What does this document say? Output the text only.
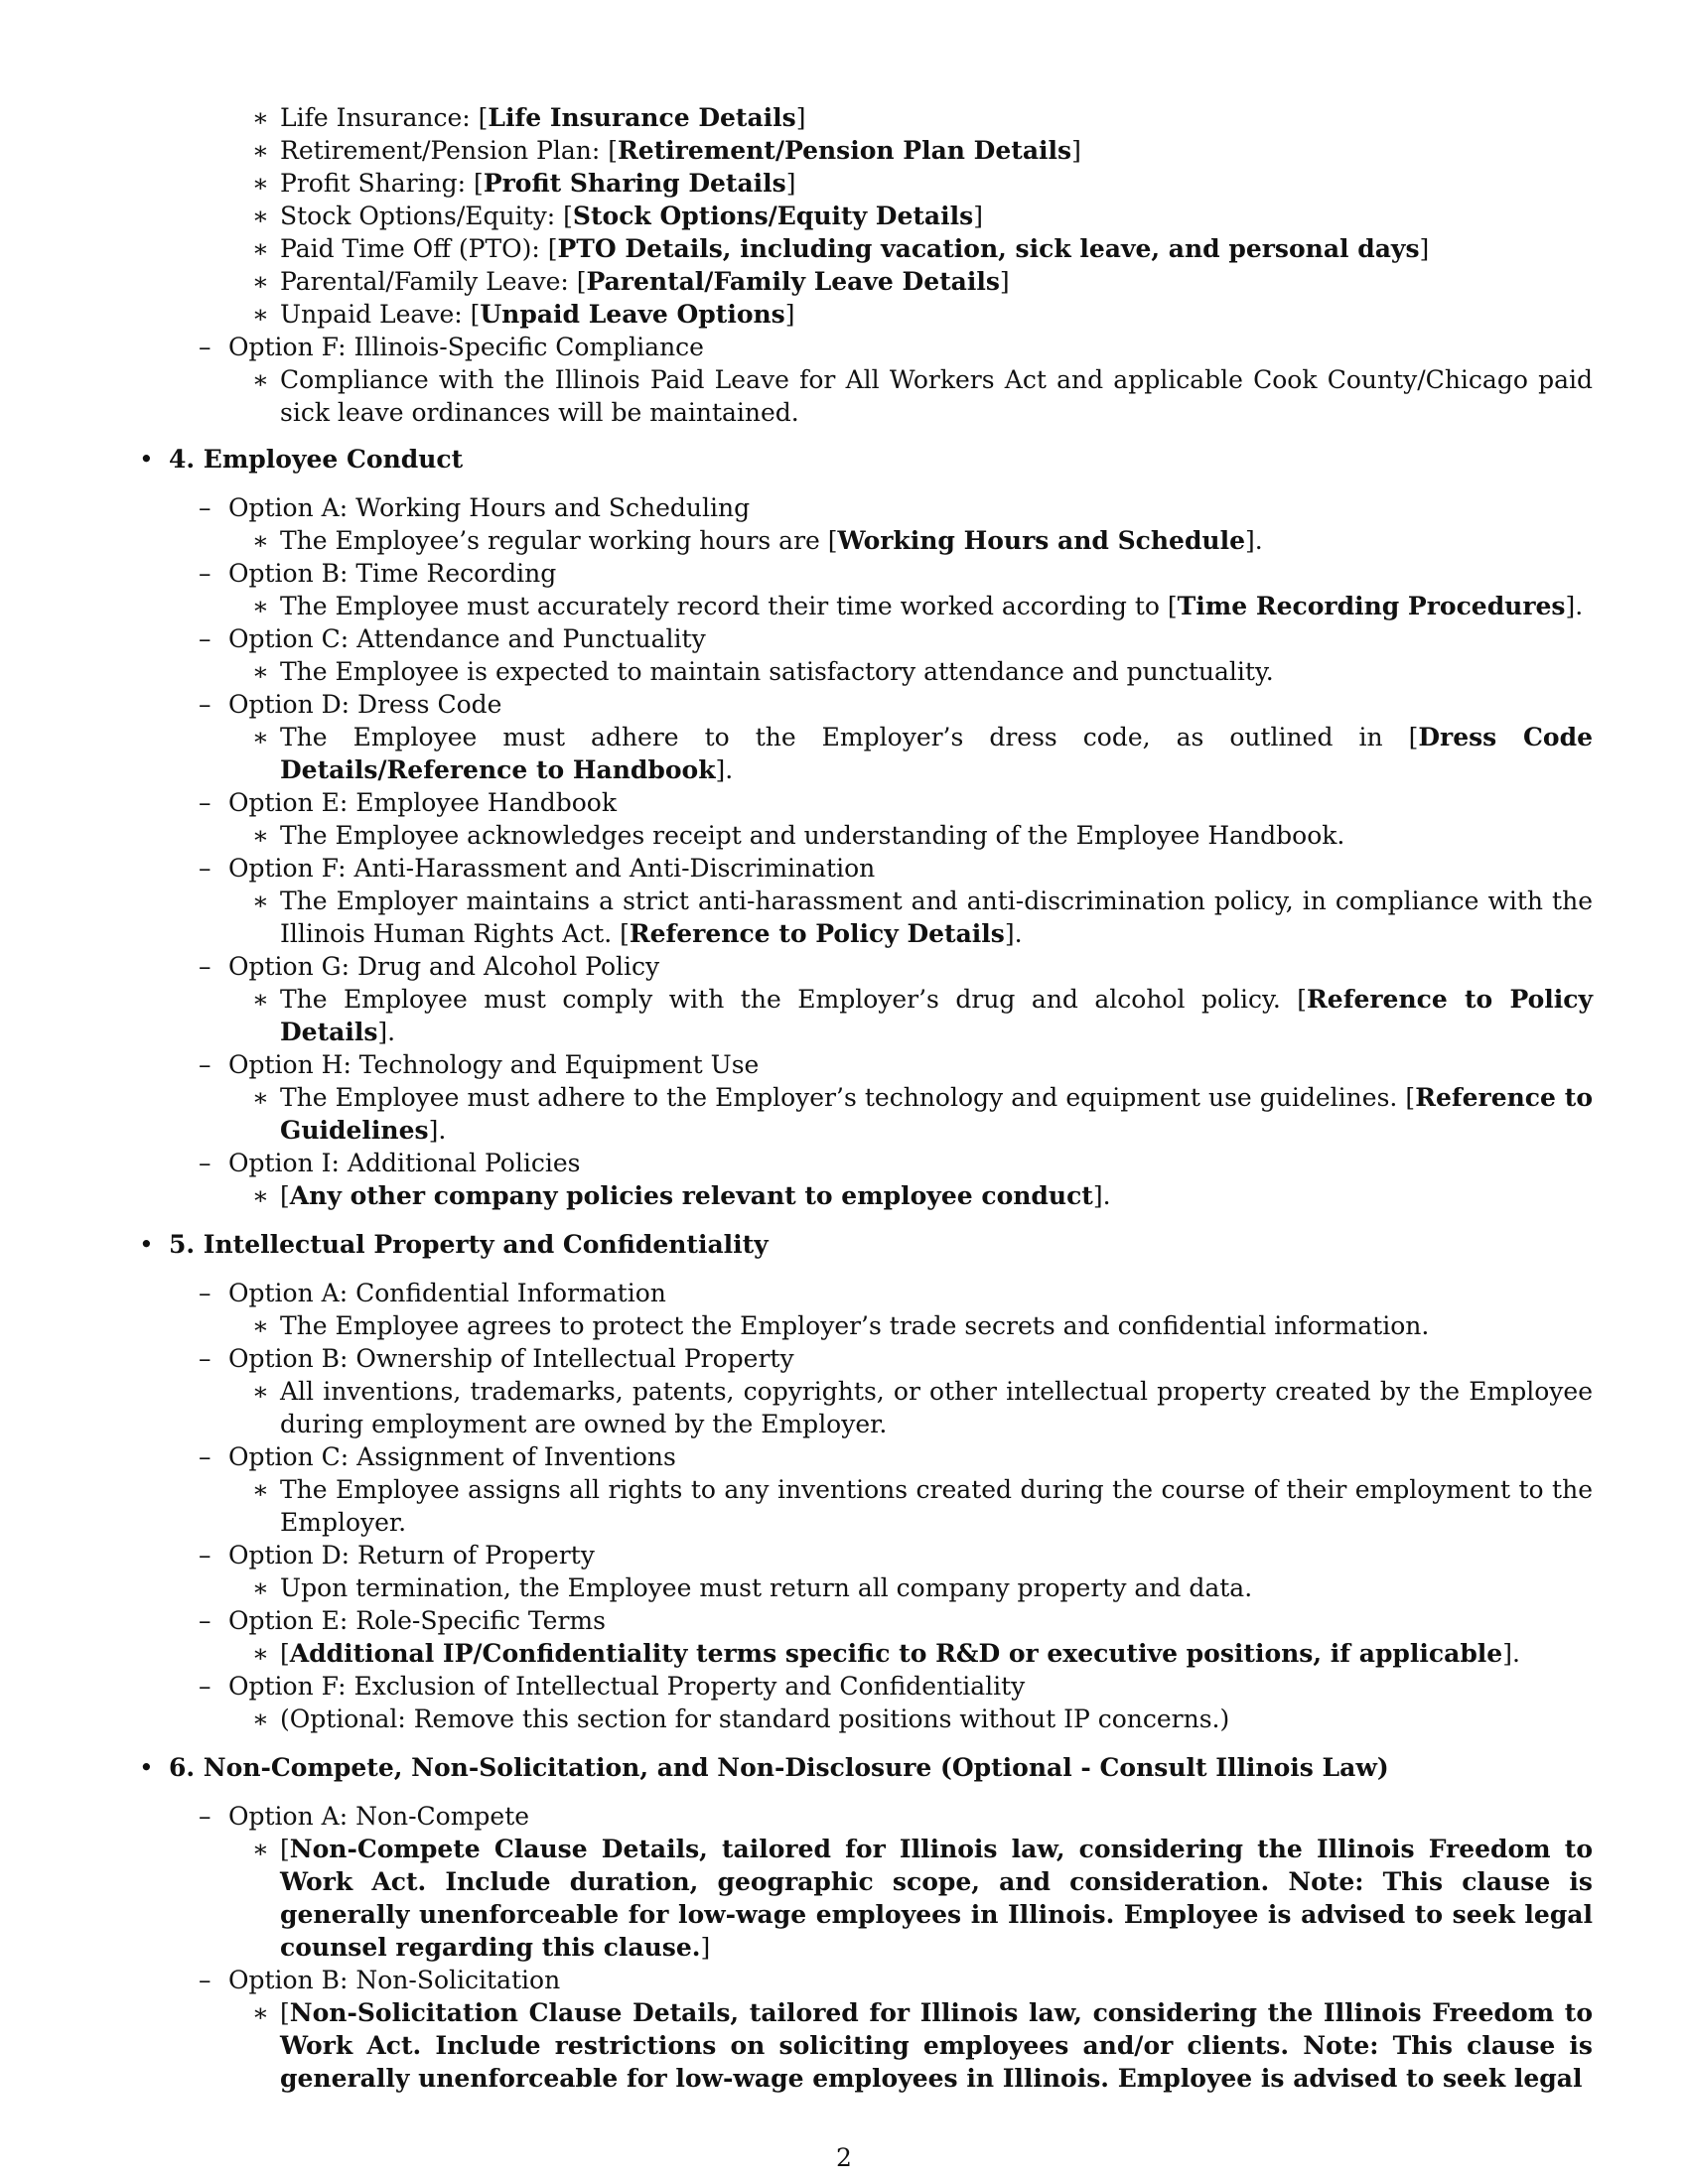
∗ Life Insurance: [Life Insurance Details]
∗ Retirement/Pension Plan: [Retirement/Pension Plan Details]
∗ Profit Sharing: [Profit Sharing Details]
∗ Stock Options/Equity: [Stock Options/Equity Details]
∗ Paid Time Off (PTO): [PTO Details, including vacation, sick leave, and personal days]
∗ Parental/Family Leave: [Parental/Family Leave Details]
∗ Unpaid Leave: [Unpaid Leave Options]
– Option F: Illinois-Specific Compliance
∗ Compliance with the Illinois Paid Leave for All Workers Act and applicable Cook County/Chicago paid sick leave ordinances will be maintained.
• 4. Employee Conduct
– Option A: Working Hours and Scheduling
∗ The Employee’s regular working hours are [Working Hours and Schedule].
– Option B: Time Recording
∗ The Employee must accurately record their time worked according to [Time Recording Procedures].
– Option C: Attendance and Punctuality
∗ The Employee is expected to maintain satisfactory attendance and punctuality.
– Option D: Dress Code
∗ The Employee must adhere to the Employer’s dress code, as outlined in [Dress Code Details/Reference to Handbook].
– Option E: Employee Handbook
∗ The Employee acknowledges receipt and understanding of the Employee Handbook.
– Option F: Anti-Harassment and Anti-Discrimination
∗ The Employer maintains a strict anti-harassment and anti-discrimination policy, in compliance with the Illinois Human Rights Act. [Reference to Policy Details].
– Option G: Drug and Alcohol Policy
∗ The Employee must comply with the Employer’s drug and alcohol policy. [Reference to Policy Details].
– Option H: Technology and Equipment Use
∗ The Employee must adhere to the Employer’s technology and equipment use guidelines. [Reference to Guidelines].
– Option I: Additional Policies
∗ [Any other company policies relevant to employee conduct].
• 5. Intellectual Property and Confidentiality
– Option A: Confidential Information
∗ The Employee agrees to protect the Employer’s trade secrets and confidential information.
– Option B: Ownership of Intellectual Property
∗ All inventions, trademarks, patents, copyrights, or other intellectual property created by the Employee during employment are owned by the Employer.
– Option C: Assignment of Inventions
∗ The Employee assigns all rights to any inventions created during the course of their employment to the Employer.
– Option D: Return of Property
∗ Upon termination, the Employee must return all company property and data.
– Option E: Role-Specific Terms
∗ [Additional IP/Confidentiality terms specific to R&D or executive positions, if applicable].
– Option F: Exclusion of Intellectual Property and Confidentiality
∗ (Optional: Remove this section for standard positions without IP concerns.)
• 6. Non-Compete, Non-Solicitation, and Non-Disclosure (Optional - Consult Illinois Law)
– Option A: Non-Compete
∗ [Non-Compete Clause Details, tailored for Illinois law, considering the Illinois Freedom to Work Act. Include duration, geographic scope, and consideration. Note: This clause is generally unenforceable for low-wage employees in Illinois. Employee is advised to seek legal counsel regarding this clause.]
– Option B: Non-Solicitation
∗ [Non-Solicitation Clause Details, tailored for Illinois law, considering the Illinois Freedom to Work Act. Include restrictions on soliciting employees and/or clients. Note: This clause is generally unenforceable for low-wage employees in Illinois. Employee is advised to seek legal
2
